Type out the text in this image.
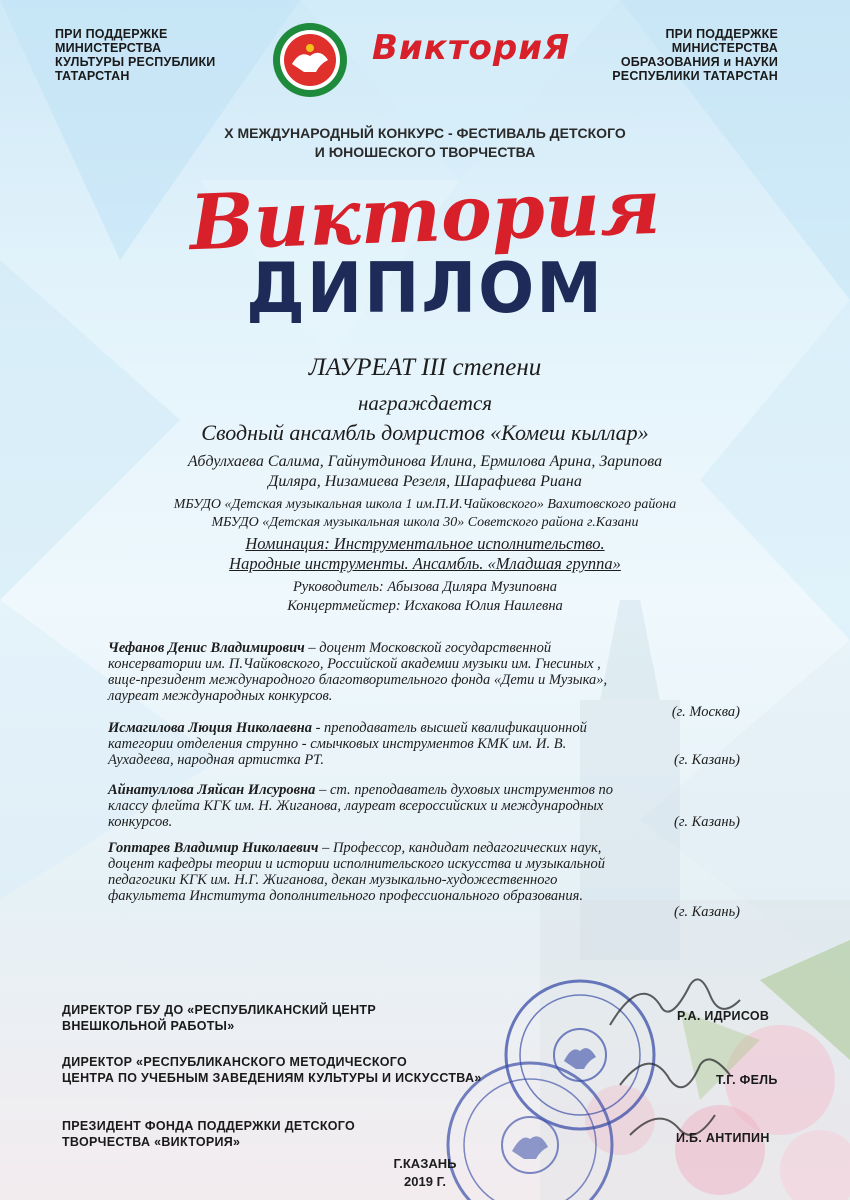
ПРИ ПОДДЕРЖКЕ
МИНИСТЕРСТВА
КУЛЬТУРЫ РЕСПУБЛИКИ
ТАТАРСТАН
ВикториЯ	ПРИ ПОДДЕРЖКЕ
МИНИСТЕРСТВА
ОБРАЗОВАНИЯ и НАУКИ
РЕСПУБЛИКИ ТАТАРСТАН
X МЕЖДУНАРОДНЫЙ КОНКУРС - ФЕСТИВАЛЬ ДЕТСКОГО
И ЮНОШЕСКОГО ТВОРЧЕСТВА
Виктория
ДИПЛОМ
ЛАУРЕАТ III степени
награждается
Сводный ансамбль домристов «Комеш кыллар»
Абдулхаева Салима, Гайнутдинова Илина, Ермилова Арина, Зарипова
Диляра, Низамиева Резеля, Шарафиева Риана
МБУДО «Детская музыкальная школа 1 им.П.И.Чайковского» Вахитовского района
МБУДО «Детская музыкальная школа 30» Советского района г.Казани
Номинация: Инструментальное исполнительство.
Народные инструменты. Ансамбль. «Младшая группа»
Руководитель: Абызова Диляра Музиповна
Концертмейстер: Исхакова Юлия Наилевна
Чефанов Денис Владимирович – доцент Московской государственной
консерватории им. П.Чайковского, Российской академии музыки им. Гнесиных ,
вице-президент международного благотворительного фонда «Дети и Музыка»,
лауреат международных конкурсов.
(г. Москва)
Исмагилова Люция Николаевна - преподаватель высшей квалификационной
категории отделения струнно - смычковых инструментов КМК им. И. В.
Аухадеева, народная артистка РТ.	(г. Казань)
Айнатуллова Ляйсан Илсуровна – ст. преподаватель духовых инструментов по
классу флейта КГК им. Н. Жиганова, лауреат всероссийских и международных
конкурсов.	(г. Казань)
Гоптарев Владимир Николаевич – Профессор, кандидат педагогических наук,
доцент кафедры теории и истории исполнительского искусства и музыкальной
педагогики КГК им. Н.Г. Жиганова, декан музыкально-художественного
факультета Института дополнительного профессионального образования.
(г. Казань)
ДИРЕКТОР ГБУ ДО «РЕСПУБЛИКАНСКИЙ ЦЕНТР
ВНЕШКОЛЬНОЙ РАБОТЫ»
Р.А. ИДРИСОВ
ДИРЕКТОР «РЕСПУБЛИКАНСКОГО МЕТОДИЧЕСКОГО
ЦЕНТРА ПО УЧЕБНЫМ ЗАВЕДЕНИЯМ КУЛЬТУРЫ И ИСКУССТВА»	Т.Г. ФЕЛЬ
ПРЕЗИДЕНТ ФОНДА ПОДДЕРЖКИ ДЕТСКОГО
ТВОРЧЕСТВА «ВИКТОРИЯ»	И.Б. АНТИПИН
Г.КАЗАНЬ
2019 Г.
